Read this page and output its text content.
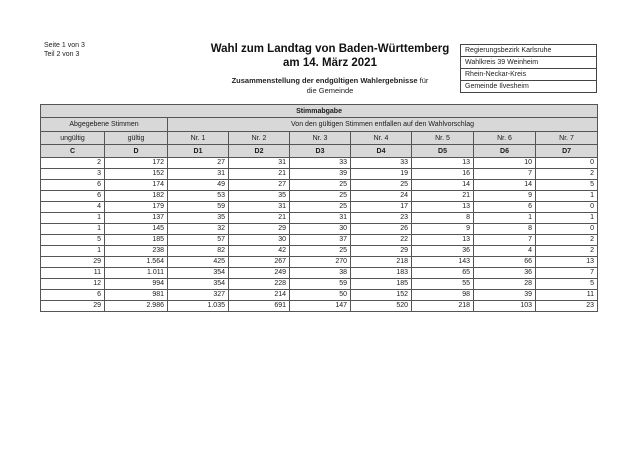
Seite 1 von 3
Teil 2 von 3	Wahl zum Landtag von Baden-Württemberg
am 14. März 2021
Zusammenstellung der endgültigen Wahlergebnisse für
die Gemeinde
Regierungsbezirk Karlsruhe
Wahlkreis 39 Weinheim
Rhein-Neckar-Kreis
Gemeinde Ilvesheim
Stimmabgabe								
Abgegebene Stimmen		Von den gültigen Stimmen entfallen auf den Wahlvorschlag						
ungültig	gültig	Nr. 1	Nr. 2	Nr. 3	Nr. 4	Nr. 5	Nr. 6	Nr. 7
C	D	D1	D2	D3	D4	D5	D6	D7
2	172	27	31	33	33	13	10	0
3	152	31	21	39	19	16	7	2
6	174	49	27	25	25	14	14	5
6	182	53	35	25	24	21	9	1
4	179	59	31	25	17	13	6	0
1	137	35	21	31	23	8	1	1
1	145	32	29	30	26	9	8	0
5	185	57	30	37	22	13	7	2
1	238	82	42	25	29	36	4	2
29	1.564	425	267	270	218	143	66	13
11	1.011	354	249	38	183	65	36	7
12	994	354	228	59	185	55	28	5
6	981	327	214	50	152	98	39	11
29	2.986	1.035	691	147	520	218	103	23
